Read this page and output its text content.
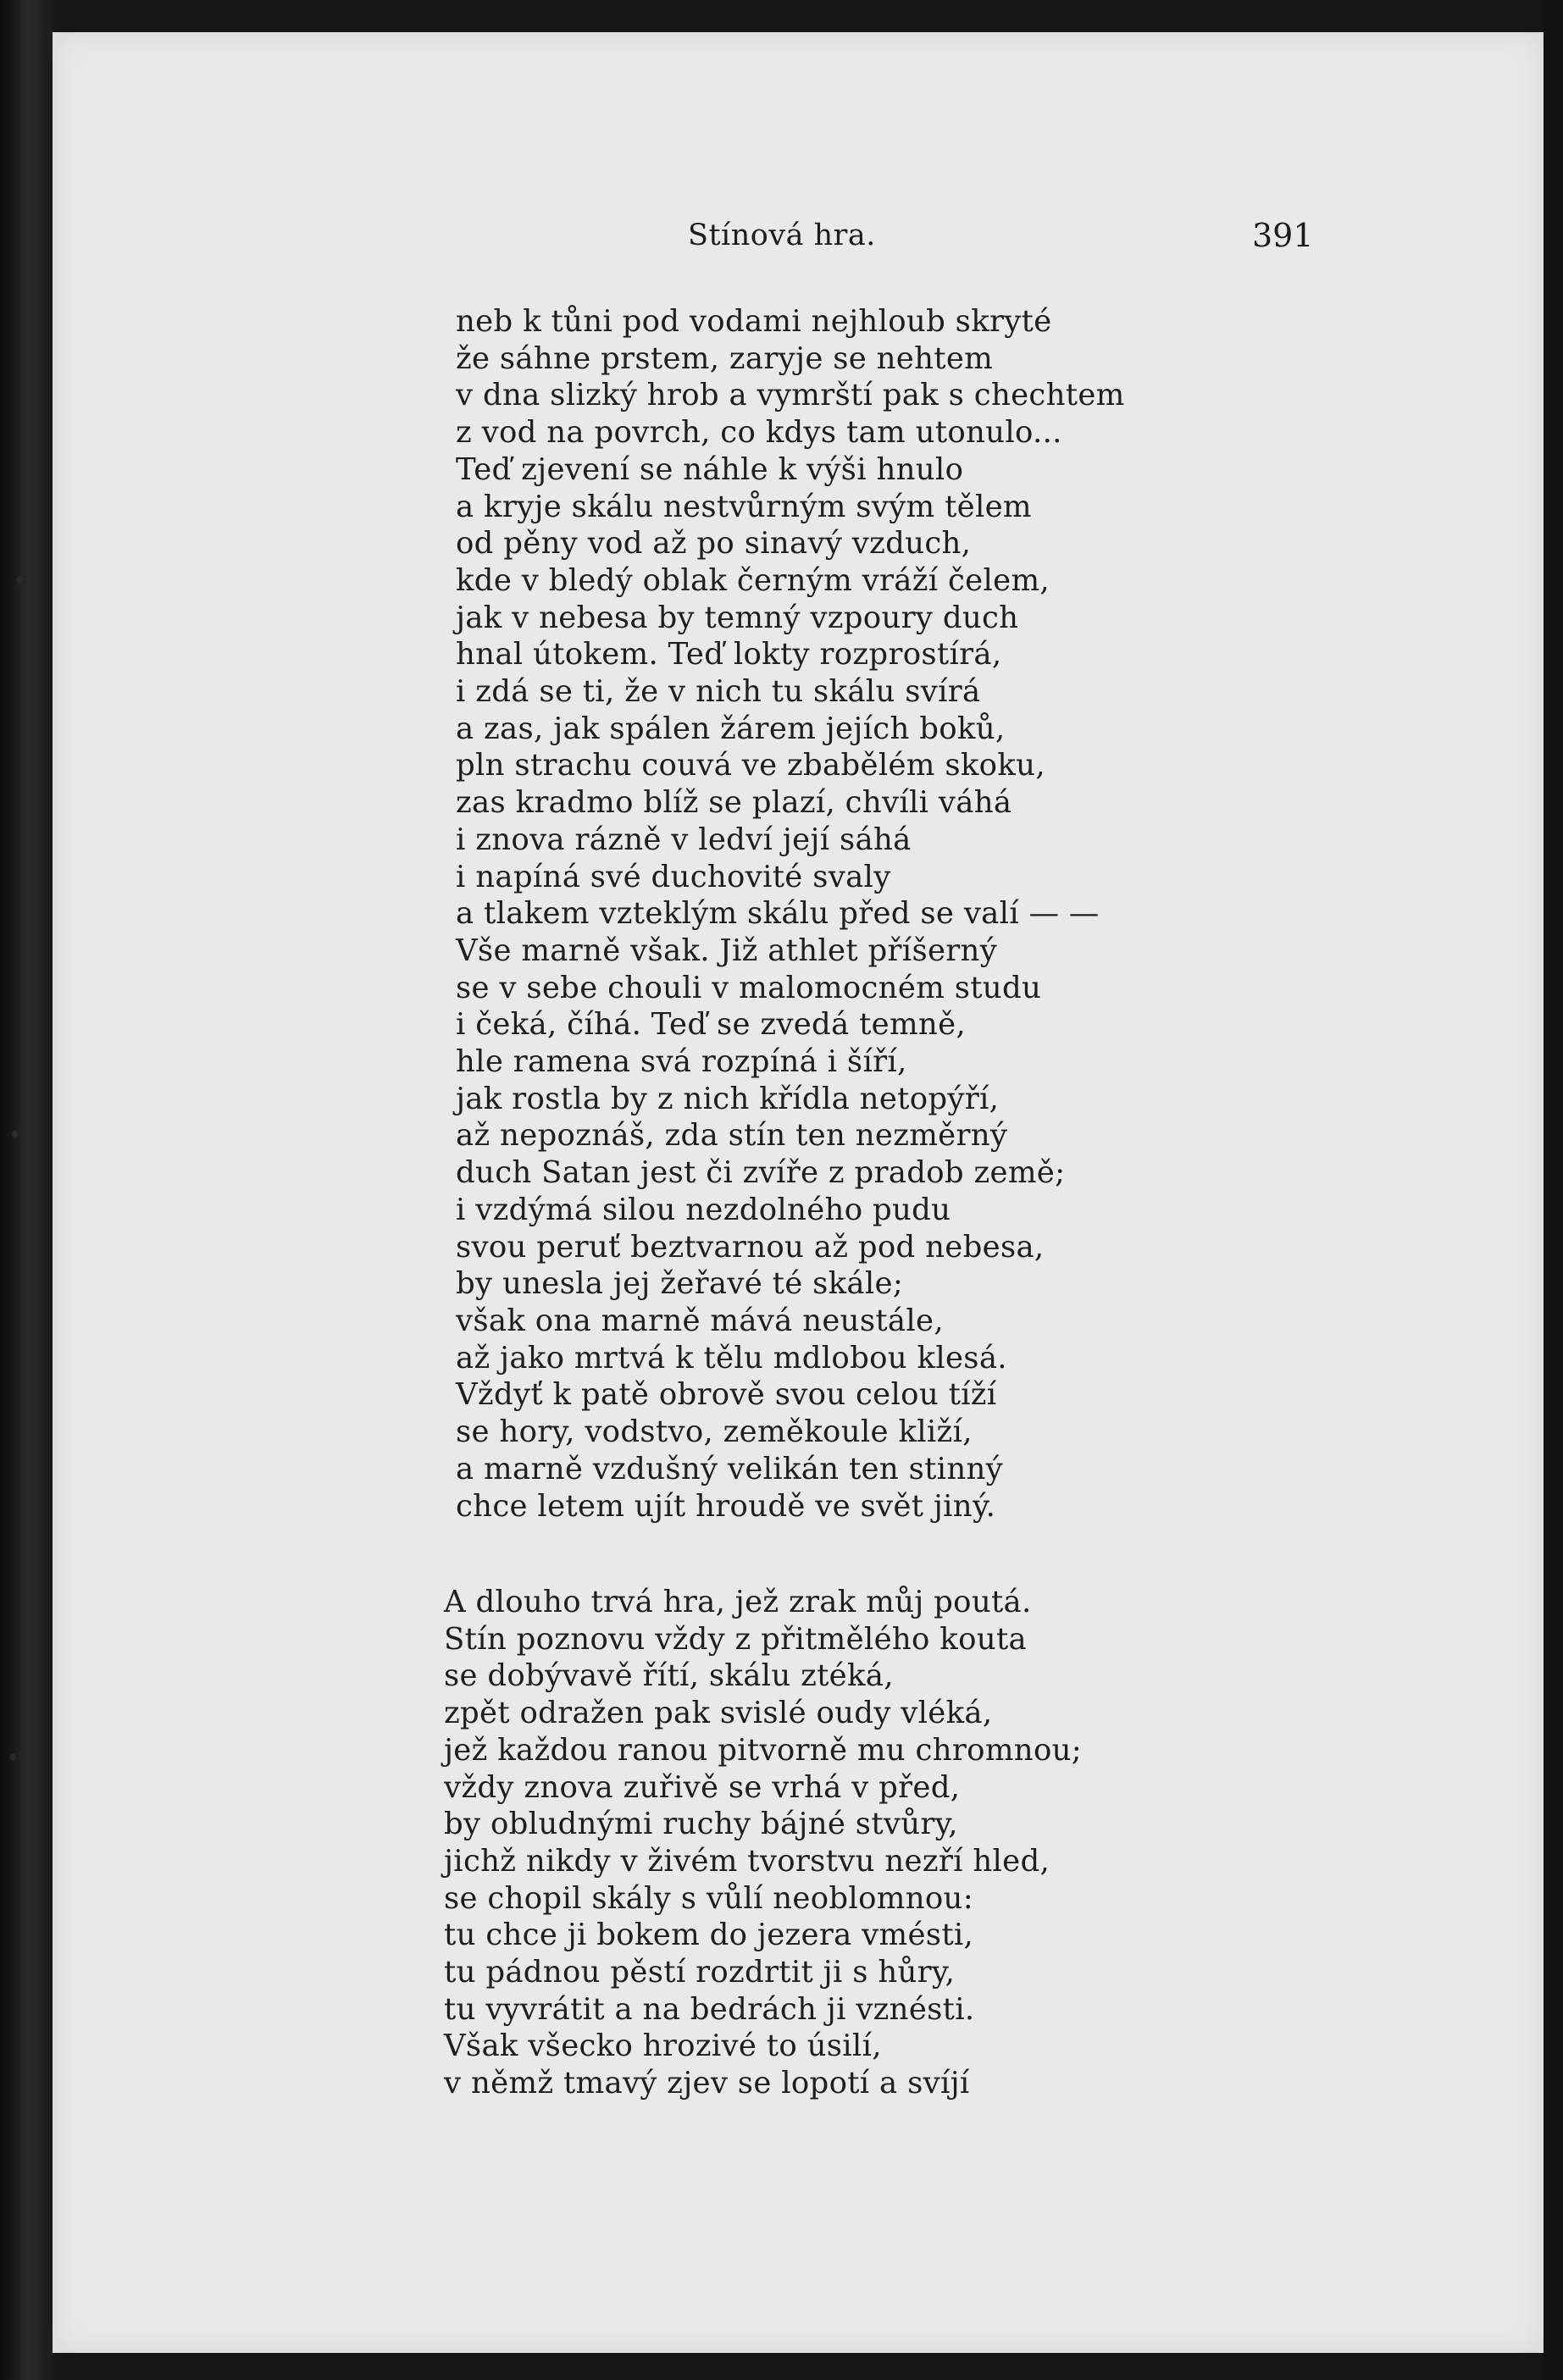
Stínová hra.	391
neb k tůni pod vodami nejhloub skryté
že sáhne prstem, zaryje se nehtem
v dna slizký hrob a vymrští pak s chechtem
z vod na povrch, co kdys tam utonulo...
Teď zjevení se náhle k výši hnulo
a kryje skálu nestvůrným svým tělem
od pěny vod až po sinavý vzduch,
kde v bledý oblak černým vráží čelem,
jak v nebesa by temný vzpoury duch
hnal útokem. Teď lokty rozprostírá,
i zdá se ti, že v nich tu skálu svírá
a zas, jak spálen žárem jejích boků,
pln strachu couvá ve zbabělém skoku,
zas kradmo blíž se plazí, chvíli váhá
i znova rázně v ledví její sáhá
i napíná své duchovité svaly
a tlakem vzteklým skálu před se valí — —
Vše marně však. Již athlet příšerný
se v sebe chouli v malomocném studu
i čeká, číhá. Teď se zvedá temně,
hle ramena svá rozpíná i šíří,
jak rostla by z nich křídla netopýří,
až nepoznáš, zda stín ten nezměrný
duch Satan jest či zvíře z pradob země;
i vzdýmá silou nezdolného pudu
svou peruť beztvarnou až pod nebesa,
by unesla jej žeřavé té skále;
však ona marně mává neustále,
až jako mrtvá k tělu mdlobou klesá.
Vždyť k patě obrově svou celou tíží
se hory, vodstvo, zeměkoule kliží,
a marně vzdušný velikán ten stinný
chce letem ujít hroudě ve svět jiný.
A dlouho trvá hra, jež zrak můj poutá.
Stín poznovu vždy z přitmělého kouta
se dobývavě řítí, skálu ztéká,
zpět odražen pak svislé oudy vléká,
jež každou ranou pitvorně mu chromnou;
vždy znova zuřivě se vrhá v před,
by obludnými ruchy bájné stvůry,
jichž nikdy v živém tvorstvu nezří hled,
se chopil skály s vůlí neoblomnou:
tu chce ji bokem do jezera vmésti,
tu pádnou pěstí rozdrtit ji s hůry,
tu vyvrátit a na bedrách ji vznésti.
Však všecko hrozivé to úsilí,
v němž tmavý zjev se lopotí a svíjí
